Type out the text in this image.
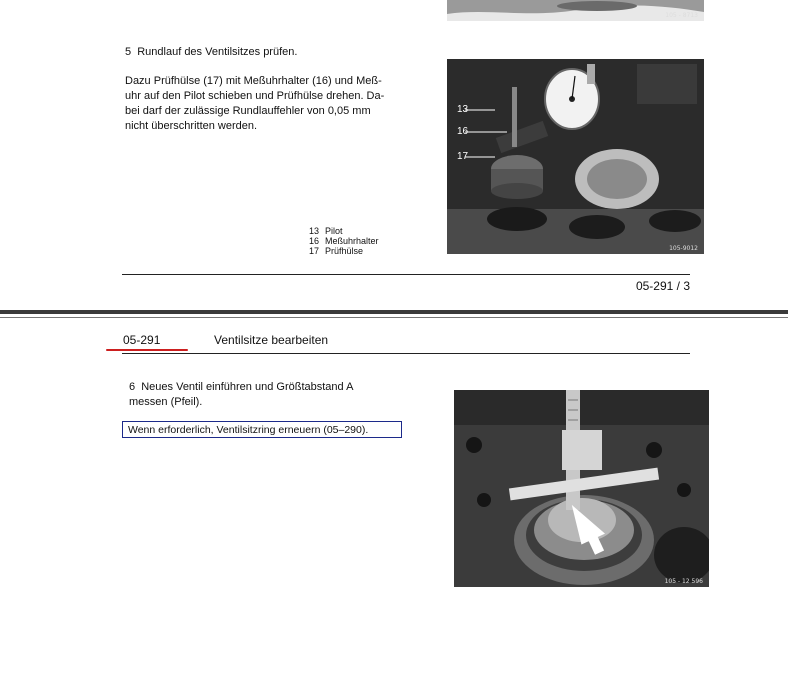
105 - 8713
5  Rundlauf des Ventilsitzes prüfen.
Dazu Prüfhülse (17) mit Meßuhrhalter (16) und Meß-
uhr auf den Pilot schieben und Prüfhülse drehen. Da-
bei darf der zulässige Rundlauffehler von 0,05 mm
nicht überschritten werden.
13
16
17
105-9012
13 Pilot
16 Meßuhrhalter
17 Prüfhülse
05-291 / 3
05-291	Ventilsitze bearbeiten
6  Neues Ventil einführen und Größtabstand A
messen (Pfeil).
Wenn erforderlich, Ventilsitzring erneuern (05–290).
105 - 12 596
